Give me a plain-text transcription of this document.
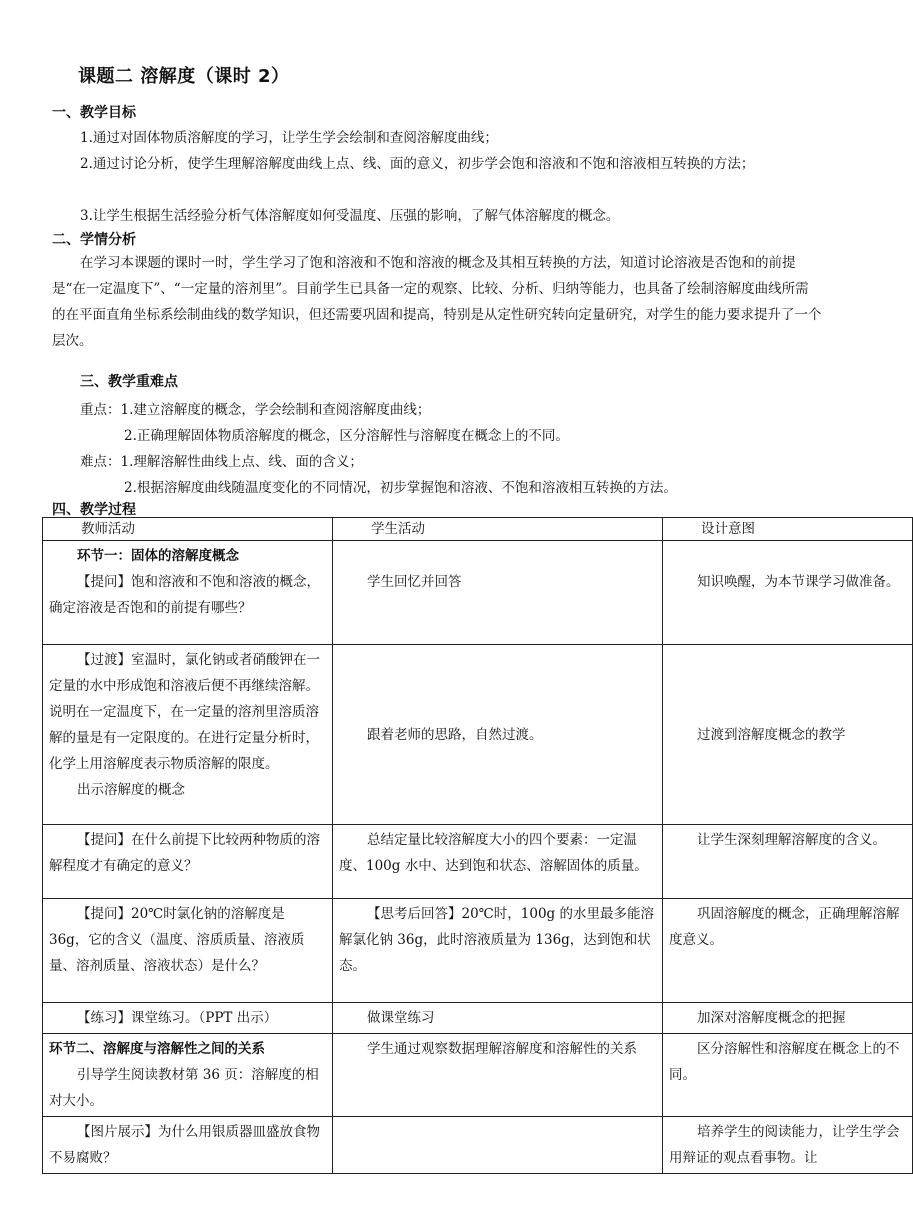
课题二 溶解度（课时 2）
一、教学目标
1.通过对固体物质溶解度的学习，让学生学会绘制和查阅溶解度曲线；
2.通过讨论分析，使学生理解溶解度曲线上点、线、面的意义，初步学会饱和溶液和不饱和溶液相互转换的方法；
3.让学生根据生活经验分析气体溶解度如何受温度、压强的影响，了解气体溶解度的概念。
二、学情分析
在学习本课题的课时一时，学生学习了饱和溶液和不饱和溶液的概念及其相互转换的方法，知道讨论溶液是否饱和的前提是“在一定温度下”、“一定量的溶剂里”。目前学生已具备一定的观察、比较、分析、归纳等能力，也具备了绘制溶解度曲线所需的在平面直角坐标系绘制曲线的数学知识，但还需要巩固和提高，特别是从定性研究转向定量研究，对学生的能力要求提升了一个层次。
三、教学重难点
重点：1.建立溶解度的概念，学会绘制和查阅溶解度曲线；
2.正确理解固体物质溶解度的概念，区分溶解性与溶解度在概念上的不同。
难点：1.理解溶解性曲线上点、线、面的含义；
2.根据溶解度曲线随温度变化的不同情况，初步掌握饱和溶液、不饱和溶液相互转换的方法。
四、教学过程
教师活动	学生活动	设计意图

环节一：固体的溶解度概念
【提问】饱和溶液和不饱和溶液的概念，确定溶液是否饱和的前提有哪些？	学生回忆并回答	知识唤醒，为本节课学习做准备。

【过渡】室温时，氯化钠或者硝酸钾在一定量的水中形成饱和溶液后便不再继续溶解。说明在一定温度下，在一定量的溶剂里溶质溶解的量是有一定限度的。在进行定量分析时，化学上用溶解度表示物质溶解的限度。
出示溶解度的概念	跟着老师的思路，自然过渡。	过渡到溶解度概念的教学

【提问】在什么前提下比较两种物质的溶解程度才有确定的意义？	总结定量比较溶解度大小的四个要素：一定温度、100g 水中、达到饱和状态、溶解固体的质量。	让学生深刻理解溶解度的含义。

【提问】20℃时氯化钠的溶解度是 36g，它的含义（温度、溶质质量、溶液质量、溶剂质量、溶液状态）是什么？	【思考后回答】20℃时，100g 的水里最多能溶解氯化钠 36g，此时溶液质量为 136g，达到饱和状态。	巩固溶解度的概念，正确理解溶解度意义。

【练习】课堂练习。（PPT 出示）	做课堂练习	加深对溶解度概念的把握

环节二、溶解度与溶解性之间的关系
引导学生阅读教材第 36 页：溶解度的相对大小。	学生通过观察数据理解溶解度和溶解性的关系	区分溶解性和溶解度在概念上的不同。

【图片展示】为什么用银质器皿盛放食物不易腐败？		培养学生的阅读能力，让学生学会用辩证的观点看事物。让
